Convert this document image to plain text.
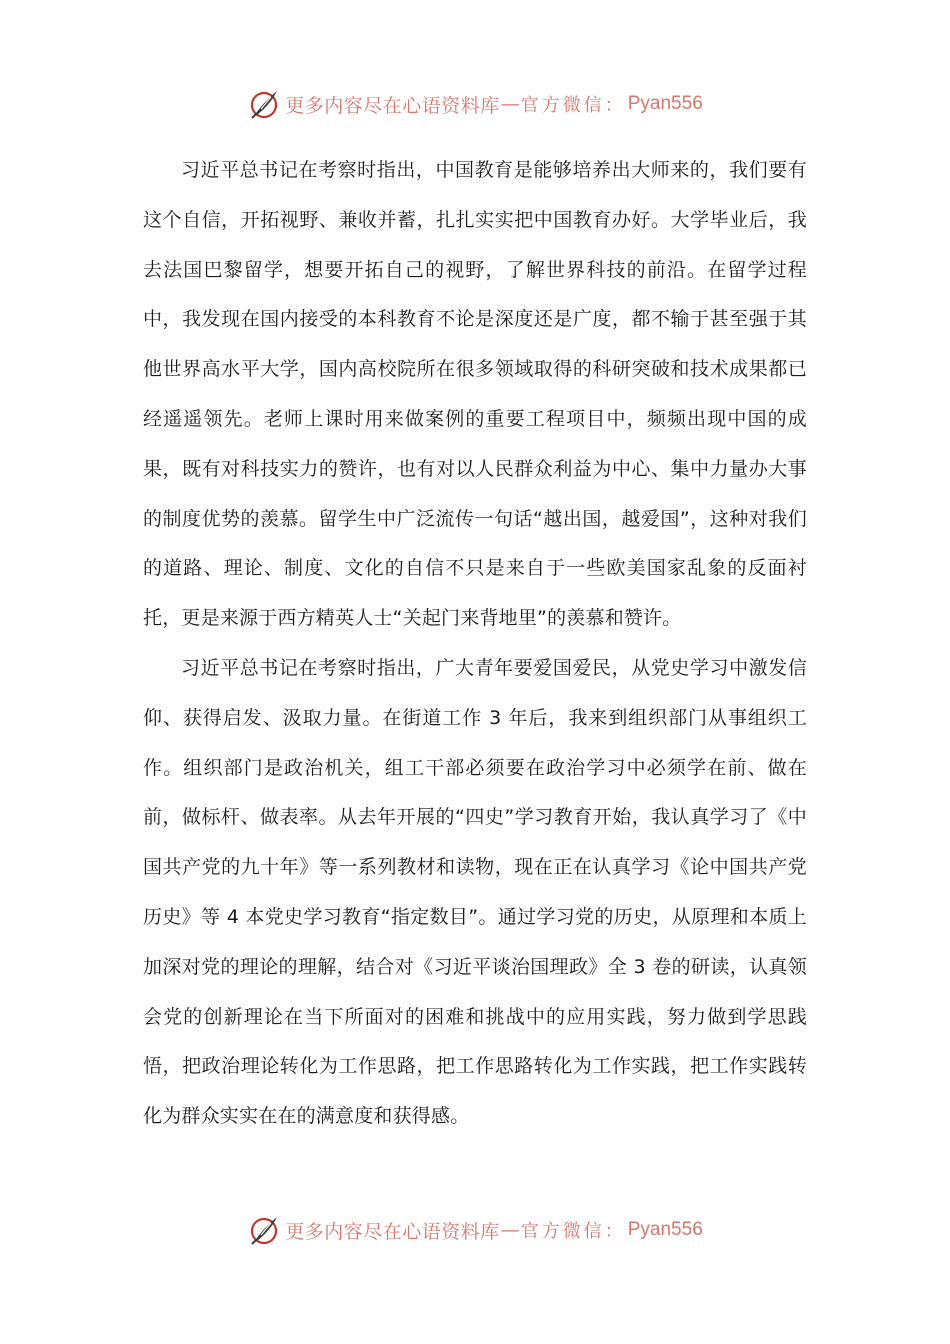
更多内容尽在心语资料库 — 官方微信： Pyan556

习近平总书记在考察时指出，中国教育是能够培养出大师来的，我们要有这个自信，开拓视野、兼收并蓄，扎扎实实把中国教育办好。大学毕业后，我去法国巴黎留学，想要开拓自己的视野，了解世界科技的前沿。在留学过程中，我发现在国内接受的本科教育不论是深度还是广度，都不输于甚至强于其他世界高水平大学，国内高校院所在很多领域取得的科研突破和技术成果都已经遥遥领先。老师上课时用来做案例的重要工程项目中，频频出现中国的成果，既有对科技实力的赞许，也有对以人民群众利益为中心、集中力量办大事的制度优势的羡慕。留学生中广泛流传一句话“越出国，越爱国”，这种对我们的道路、理论、制度、文化的自信不只是来自于一些欧美国家乱象的反面衬托，更是来源于西方精英人士“关起门来背地里”的羡慕和赞许。

习近平总书记在考察时指出，广大青年要爱国爱民，从党史学习中激发信仰、获得启发、汲取力量。在街道工作 3 年后，我来到组织部门从事组织工作。组织部门是政治机关，组工干部必须要在政治学习中必须学在前、做在前，做标杆、做表率。从去年开展的“四史”学习教育开始，我认真学习了《中国共产党的九十年》等一系列教材和读物，现在正在认真学习《论中国共产党历史》等 4 本党史学习教育“指定数目”。通过学习党的历史，从原理和本质上加深对党的理论的理解，结合对《习近平谈治国理政》全 3 卷的研读，认真领会党的创新理论在当下所面对的困难和挑战中的应用实践，努力做到学思践悟，把政治理论转化为工作思路，把工作思路转化为工作实践，把工作实践转化为群众实实在在的满意度和获得感。

更多内容尽在心语资料库 — 官方微信： Pyan556
